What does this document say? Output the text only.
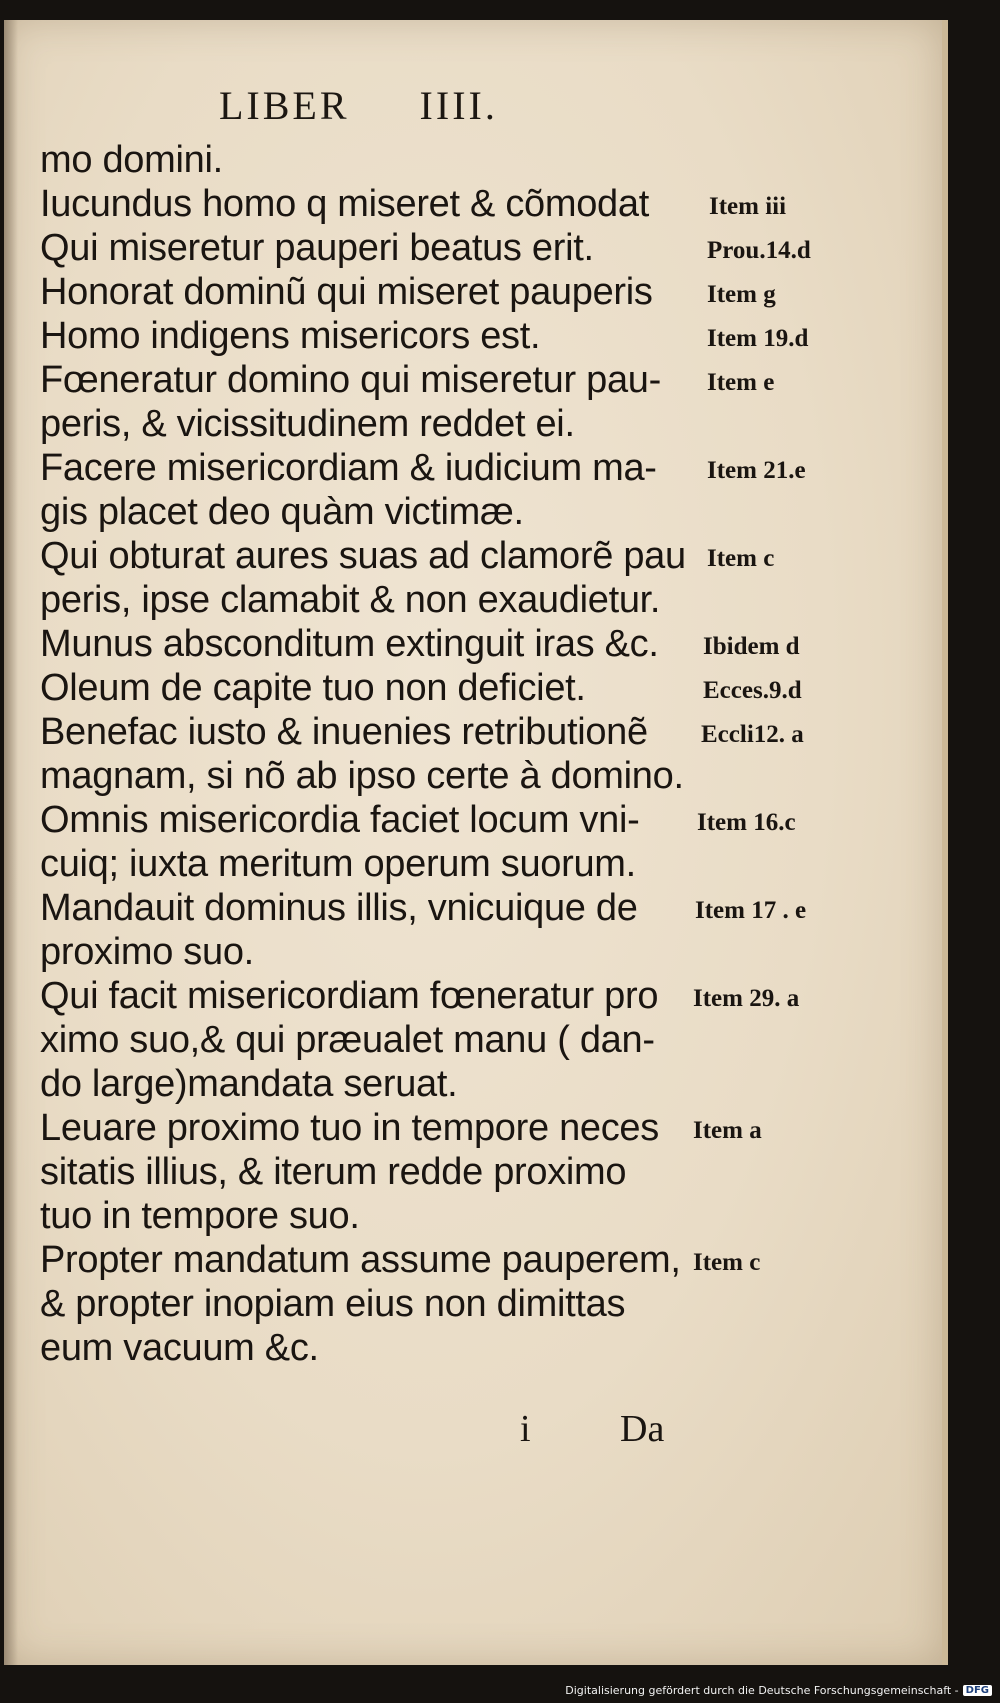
LIBER IIII.
mo domini.
Iucundus homo q miseret & cõmodat
Qui miseretur pauperi beatus erit.
Honorat dominũ qui miseret pauperis
Homo indigens misericors est.
Fœneratur domino qui miseretur pau-
peris, & vicissitudinem reddet ei.
Facere misericordiam & iudicium ma-
gis placet deo quàm victimæ.
Qui obturat aures suas ad clamorẽ pau
peris, ipse clamabit & non exaudietur.
Munus absconditum extinguit iras &c.
Oleum de capite tuo non deficiet.
Benefac iusto & inuenies retributionẽ
magnam, si nõ ab ipso certe à domino.
Omnis misericordia faciet locum vni-
cuiq; iuxta meritum operum suorum.
Mandauit dominus illis, vnicuique de
proximo suo.
Qui facit misericordiam fœneratur pro
ximo suo,& qui præualet manu ( dan-
do large)mandata seruat.
Leuare proximo tuo in tempore neces
sitatis illius, & iterum redde proximo
tuo in tempore suo.
Propter mandatum assume pauperem,
& propter inopiam eius non dimittas
eum vacuum &c.
Item iii
Prou.14.d
Item g
Item 19.d
Item e
Item 21.e
Item c
Ibidem d
Ecces.9.d
Eccli12. a
Item 16.c
Item 17 . e
Item 29. a
Item a
Item c
i Da
Digitalisierung gefördert durch die Deutsche Forschungsgemeinschaft - DFG
